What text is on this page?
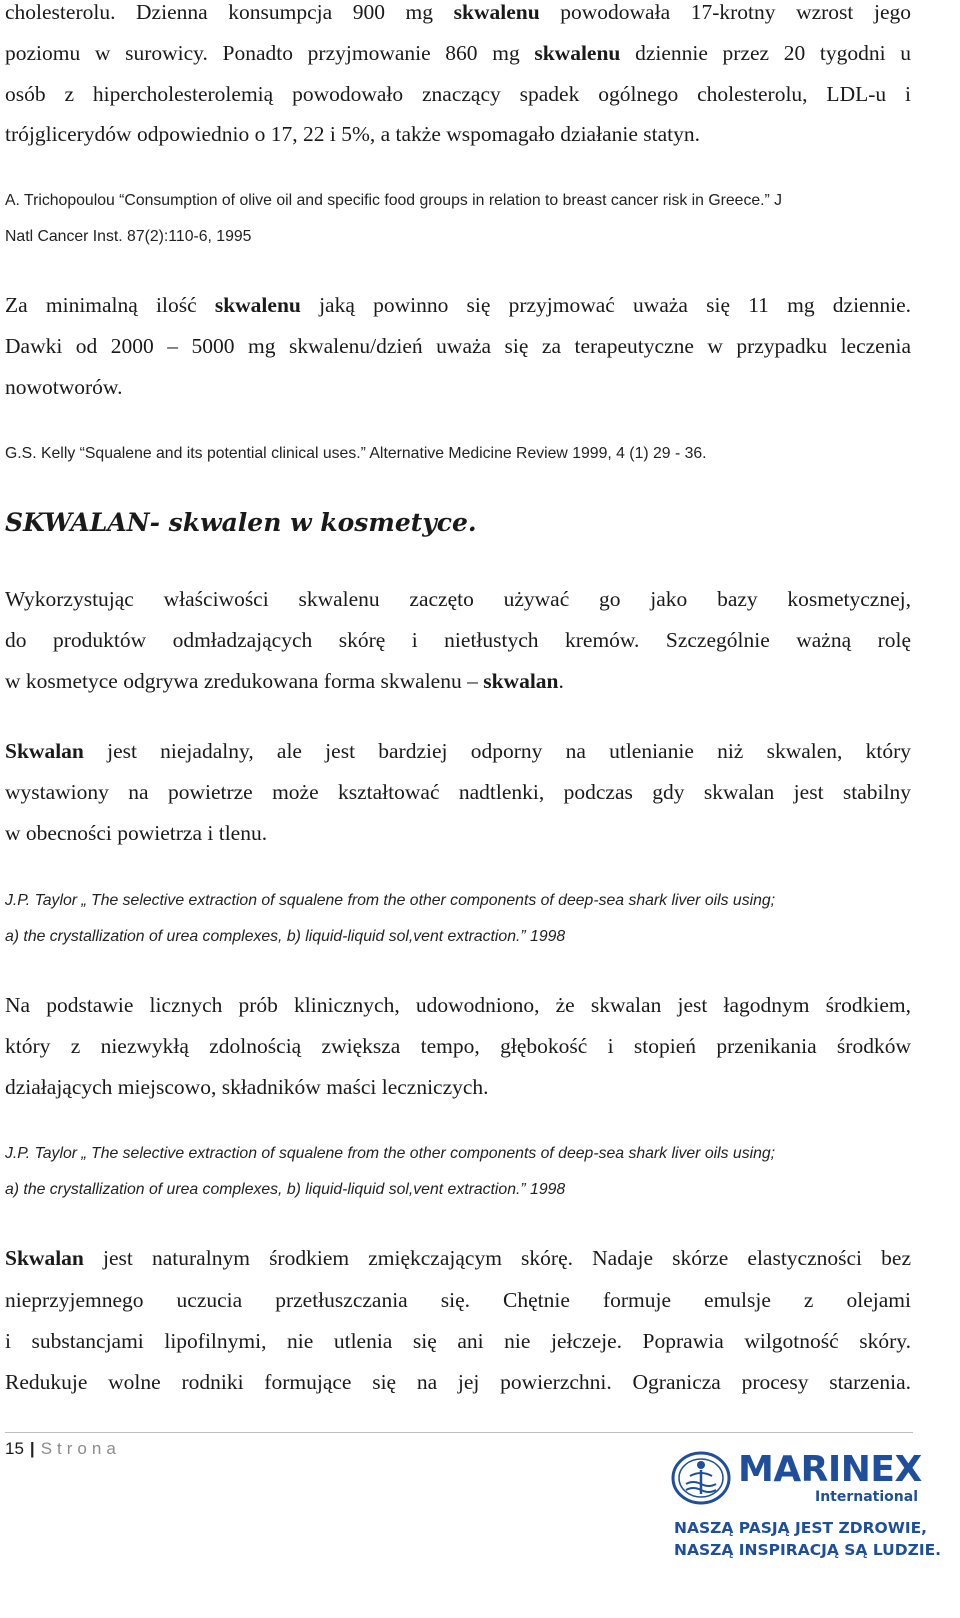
cholesterolu. Dzienna konsumpcja 900 mg skwalenu powodowała 17-krotny wzrost jego
poziomu w surowicy. Ponadto przyjmowanie 860 mg skwalenu dziennie przez 20 tygodni u
osób z hipercholesterolemią powodowało znaczący spadek ogólnego cholesterolu, LDL-u i
trójglicerydów odpowiednio o 17, 22 i 5%, a także wspomagało działanie statyn.
A. Trichopoulou “Consumption of olive oil and specific food groups in relation to breast cancer risk in Greece.” J
Natl Cancer Inst. 87(2):110-6, 1995
Za minimalną ilość skwalenu jaką powinno się przyjmować uważa się 11 mg dziennie.
Dawki od 2000 – 5000 mg skwalenu/dzień uważa się za terapeutyczne w przypadku leczenia
nowotworów.
G.S. Kelly “Squalene and its potential clinical uses.” Alternative Medicine Review 1999, 4 (1) 29 - 36.
SKWALAN- skwalen w kosmetyce.
Wykorzystując właściwości skwalenu zaczęto używać go jako bazy kosmetycznej,
do produktów odmładzających skórę i nietłustych kremów. Szczególnie ważną rolę
w kosmetyce odgrywa zredukowana forma skwalenu – skwalan.
Skwalan jest niejadalny, ale jest bardziej odporny na utlenianie niż skwalen, który
wystawiony na powietrze może kształtować nadtlenki, podczas gdy skwalan jest stabilny
w obecności powietrza i tlenu.
J.P. Taylor „ The selective extraction of squalene from the other components of deep-sea shark liver oils using;
a) the crystallization of urea complexes, b) liquid-liquid sol,vent extraction.” 1998
Na podstawie licznych prób klinicznych, udowodniono, że skwalan jest łagodnym środkiem,
który z niezwykłą zdolnością zwiększa tempo, głębokość i stopień przenikania środków
działających miejscowo, składników maści leczniczych.
J.P. Taylor „ The selective extraction of squalene from the other components of deep-sea shark liver oils using;
a) the crystallization of urea complexes, b) liquid-liquid sol,vent extraction.” 1998
Skwalan jest naturalnym środkiem zmiękczającym skórę. Nadaje skórze elastyczności bez
nieprzyjemnego uczucia przetłuszczania się. Chętnie formuje emulsje z olejami
i substancjami lipofilnymi, nie utlenia się ani nie jełczeje. Poprawia wilgotność skóry.
Redukuje wolne rodniki formujące się na jej powierzchni. Ogranicza procesy starzenia.
15 | Strona
MARINEX
International
NASZĄ PASJĄ JEST ZDROWIE,
NASZĄ INSPIRACJĄ SĄ LUDZIE.
